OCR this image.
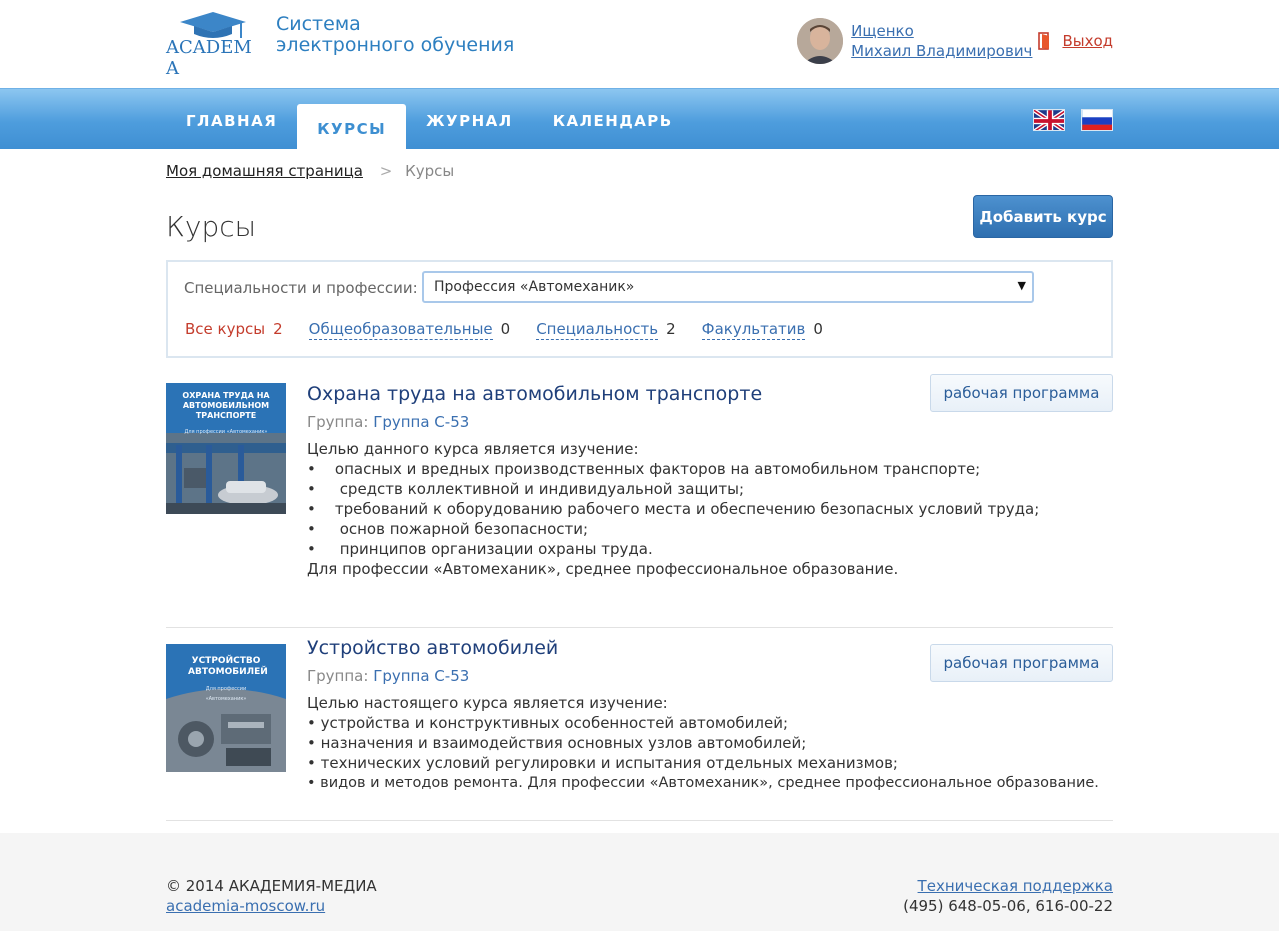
ACADEM A
Система
электронного обучения
Ищенко
Михаил Владимирович
Выход
ГЛАВНАЯ	КУРСЫ	ЖУРНАЛ	КАЛЕНДАРЬ
Моя домашняя страница > Курсы
Курсы	Добавить курс
Специальности и профессии:	Профессия «Автомеханик»	▼
Все курсы 2 Общеобразовательные 0 Специальность 2 Факультатив 0
ОХРАНА ТРУДА НА АВТОМОБИЛЬНОМ ТРАНСПОРТЕ
Для профессии «Автомеханик»
Охрана труда на автомобильном транспорте
Группа: Группа С-53
Целью данного курса является изучение:
•    опасных и вредных производственных факторов на автомобильном транспорте;
•     средств коллективной и индивидуальной защиты;
•    требований к оборудованию рабочего места и обеспечению безопасных условий труда;
•     основ пожарной безопасности;
•     принципов организации охраны труда.
Для профессии «Автомеханик», среднее профессиональное образование.
рабочая программа
УСТРОЙСТВО АВТОМОБИЛЕЙ
Для профессии «Автомеханик»
Устройство автомобилей
Группа: Группа С-53
Целью настоящего курса является изучение:
• устройства и конструктивных особенностей автомобилей;
• назначения и взаимодействия основных узлов автомобилей;
• технических условий регулировки и испытания отдельных механизмов;
• видов и методов ремонта. Для профессии «Автомеханик», среднее профессиональное образование.
рабочая программа
© 2014 АКАДЕМИЯ-МЕДИА
academia-moscow.ru
Техническая поддержка
(495) 648-05-06, 616-00-22
